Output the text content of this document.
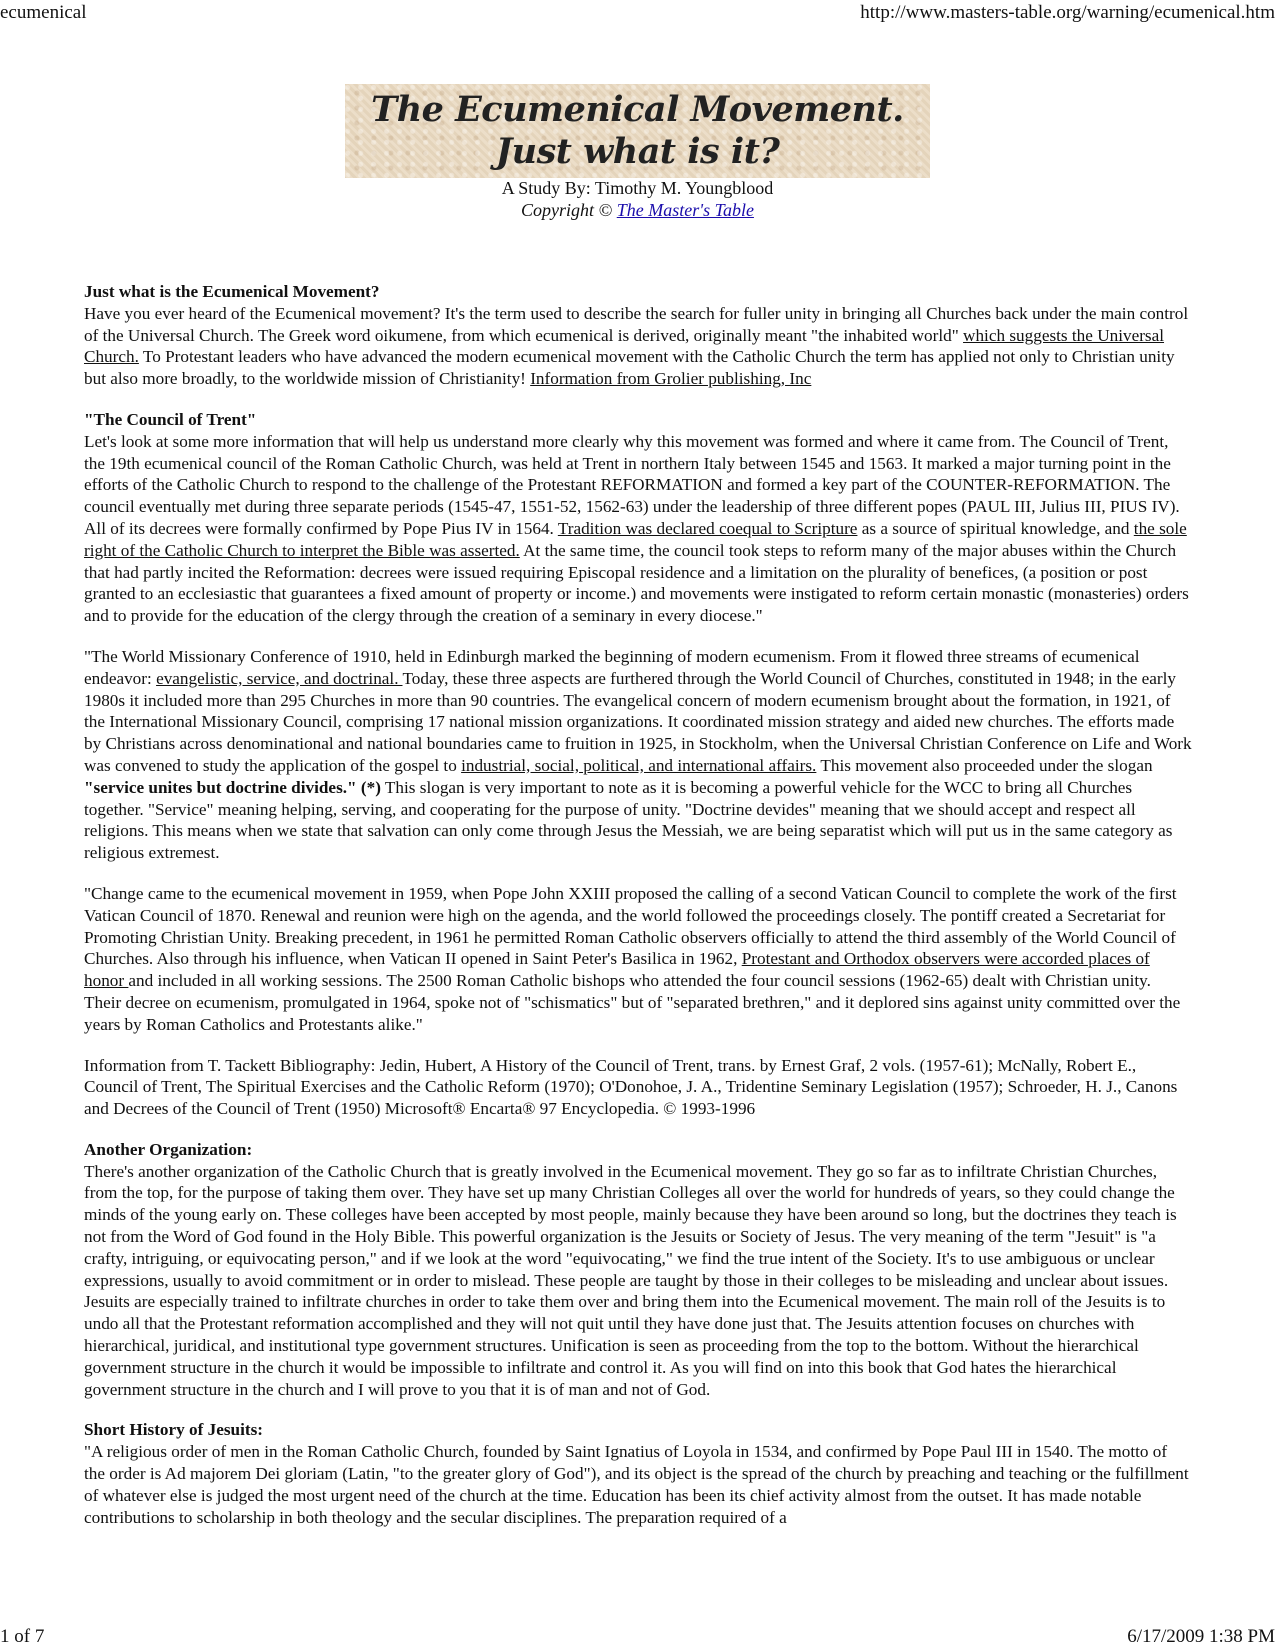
ecumenical	http://www.masters-table.org/warning/ecumenical.htm
The Ecumenical Movement.
Just what is it?
A Study By: Timothy M. Youngblood
Copyright © The Master's Table

Just what is the Ecumenical Movement?
Have you ever heard of the Ecumenical movement? It's the term used to describe the search for fuller unity in bringing all Churches back under the main control of the Universal Church. The Greek word oikumene, from which ecumenical is derived, originally meant "the inhabited world" which suggests the Universal Church. To Protestant leaders who have advanced the modern ecumenical movement with the Catholic Church the term has applied not only to Christian unity but also more broadly, to the worldwide mission of Christianity! Information from Grolier publishing, Inc

"The Council of Trent"
Let's look at some more information that will help us understand more clearly why this movement was formed and where it came from. The Council of Trent, the 19th ecumenical council of the Roman Catholic Church, was held at Trent in northern Italy between 1545 and 1563. It marked a major turning point in the efforts of the Catholic Church to respond to the challenge of the Protestant REFORMATION and formed a key part of the COUNTER-REFORMATION. The council eventually met during three separate periods (1545-47, 1551-52, 1562-63) under the leadership of three different popes (PAUL III, Julius III, PIUS IV). All of its decrees were formally confirmed by Pope Pius IV in 1564. Tradition was declared coequal to Scripture as a source of spiritual knowledge, and the sole right of the Catholic Church to interpret the Bible was asserted. At the same time, the council took steps to reform many of the major abuses within the Church that had partly incited the Reformation: decrees were issued requiring Episcopal residence and a limitation on the plurality of benefices, (a position or post granted to an ecclesiastic that guarantees a fixed amount of property or income.) and movements were instigated to reform certain monastic (monasteries) orders and to provide for the education of the clergy through the creation of a seminary in every diocese."

"The World Missionary Conference of 1910, held in Edinburgh marked the beginning of modern ecumenism. From it flowed three streams of ecumenical endeavor: evangelistic, service, and doctrinal. Today, these three aspects are furthered through the World Council of Churches, constituted in 1948; in the early 1980s it included more than 295 Churches in more than 90 countries. The evangelical concern of modern ecumenism brought about the formation, in 1921, of the International Missionary Council, comprising 17 national mission organizations. It coordinated mission strategy and aided new churches. The efforts made by Christians across denominational and national boundaries came to fruition in 1925, in Stockholm, when the Universal Christian Conference on Life and Work was convened to study the application of the gospel to industrial, social, political, and international affairs. This movement also proceeded under the slogan "service unites but doctrine divides." (*) This slogan is very important to note as it is becoming a powerful vehicle for the WCC to bring all Churches together. "Service" meaning helping, serving, and cooperating for the purpose of unity. "Doctrine devides" meaning that we should accept and respect all religions. This means when we state that salvation can only come through Jesus the Messiah, we are being separatist which will put us in the same category as religious extremest.

"Change came to the ecumenical movement in 1959, when Pope John XXIII proposed the calling of a second Vatican Council to complete the work of the first Vatican Council of 1870. Renewal and reunion were high on the agenda, and the world followed the proceedings closely. The pontiff created a Secretariat for Promoting Christian Unity. Breaking precedent, in 1961 he permitted Roman Catholic observers officially to attend the third assembly of the World Council of Churches. Also through his influence, when Vatican II opened in Saint Peter's Basilica in 1962, Protestant and Orthodox observers were accorded places of honor and included in all working sessions. The 2500 Roman Catholic bishops who attended the four council sessions (1962-65) dealt with Christian unity. Their decree on ecumenism, promulgated in 1964, spoke not of "schismatics" but of "separated brethren," and it deplored sins against unity committed over the years by Roman Catholics and Protestants alike."

Information from T. Tackett Bibliography: Jedin, Hubert, A History of the Council of Trent, trans. by Ernest Graf, 2 vols. (1957-61); McNally, Robert E., Council of Trent, The Spiritual Exercises and the Catholic Reform (1970); O'Donohoe, J. A., Tridentine Seminary Legislation (1957); Schroeder, H. J., Canons and Decrees of the Council of Trent (1950) Microsoft® Encarta® 97 Encyclopedia. © 1993-1996

Another Organization:
There's another organization of the Catholic Church that is greatly involved in the Ecumenical movement. They go so far as to infiltrate Christian Churches, from the top, for the purpose of taking them over. They have set up many Christian Colleges all over the world for hundreds of years, so they could change the minds of the young early on. These colleges have been accepted by most people, mainly because they have been around so long, but the doctrines they teach is not from the Word of God found in the Holy Bible. This powerful organization is the Jesuits or Society of Jesus. The very meaning of the term "Jesuit" is "a crafty, intriguing, or equivocating person," and if we look at the word "equivocating," we find the true intent of the Society. It's to use ambiguous or unclear expressions, usually to avoid commitment or in order to mislead. These people are taught by those in their colleges to be misleading and unclear about issues. Jesuits are especially trained to infiltrate churches in order to take them over and bring them into the Ecumenical movement. The main roll of the Jesuits is to undo all that the Protestant reformation accomplished and they will not quit until they have done just that. The Jesuits attention focuses on churches with hierarchical, juridical, and institutional type government structures. Unification is seen as proceeding from the top to the bottom. Without the hierarchical government structure in the church it would be impossible to infiltrate and control it. As you will find on into this book that God hates the hierarchical government structure in the church and I will prove to you that it is of man and not of God.

Short History of Jesuits:
"A religious order of men in the Roman Catholic Church, founded by Saint Ignatius of Loyola in 1534, and confirmed by Pope Paul III in 1540. The motto of the order is Ad majorem Dei gloriam (Latin, "to the greater glory of God"), and its object is the spread of the church by preaching and teaching or the fulfillment of whatever else is judged the most urgent need of the church at the time. Education has been its chief activity almost from the outset. It has made notable contributions to scholarship in both theology and the secular disciplines. The preparation required of a

1 of 7	6/17/2009 1:38 PM
